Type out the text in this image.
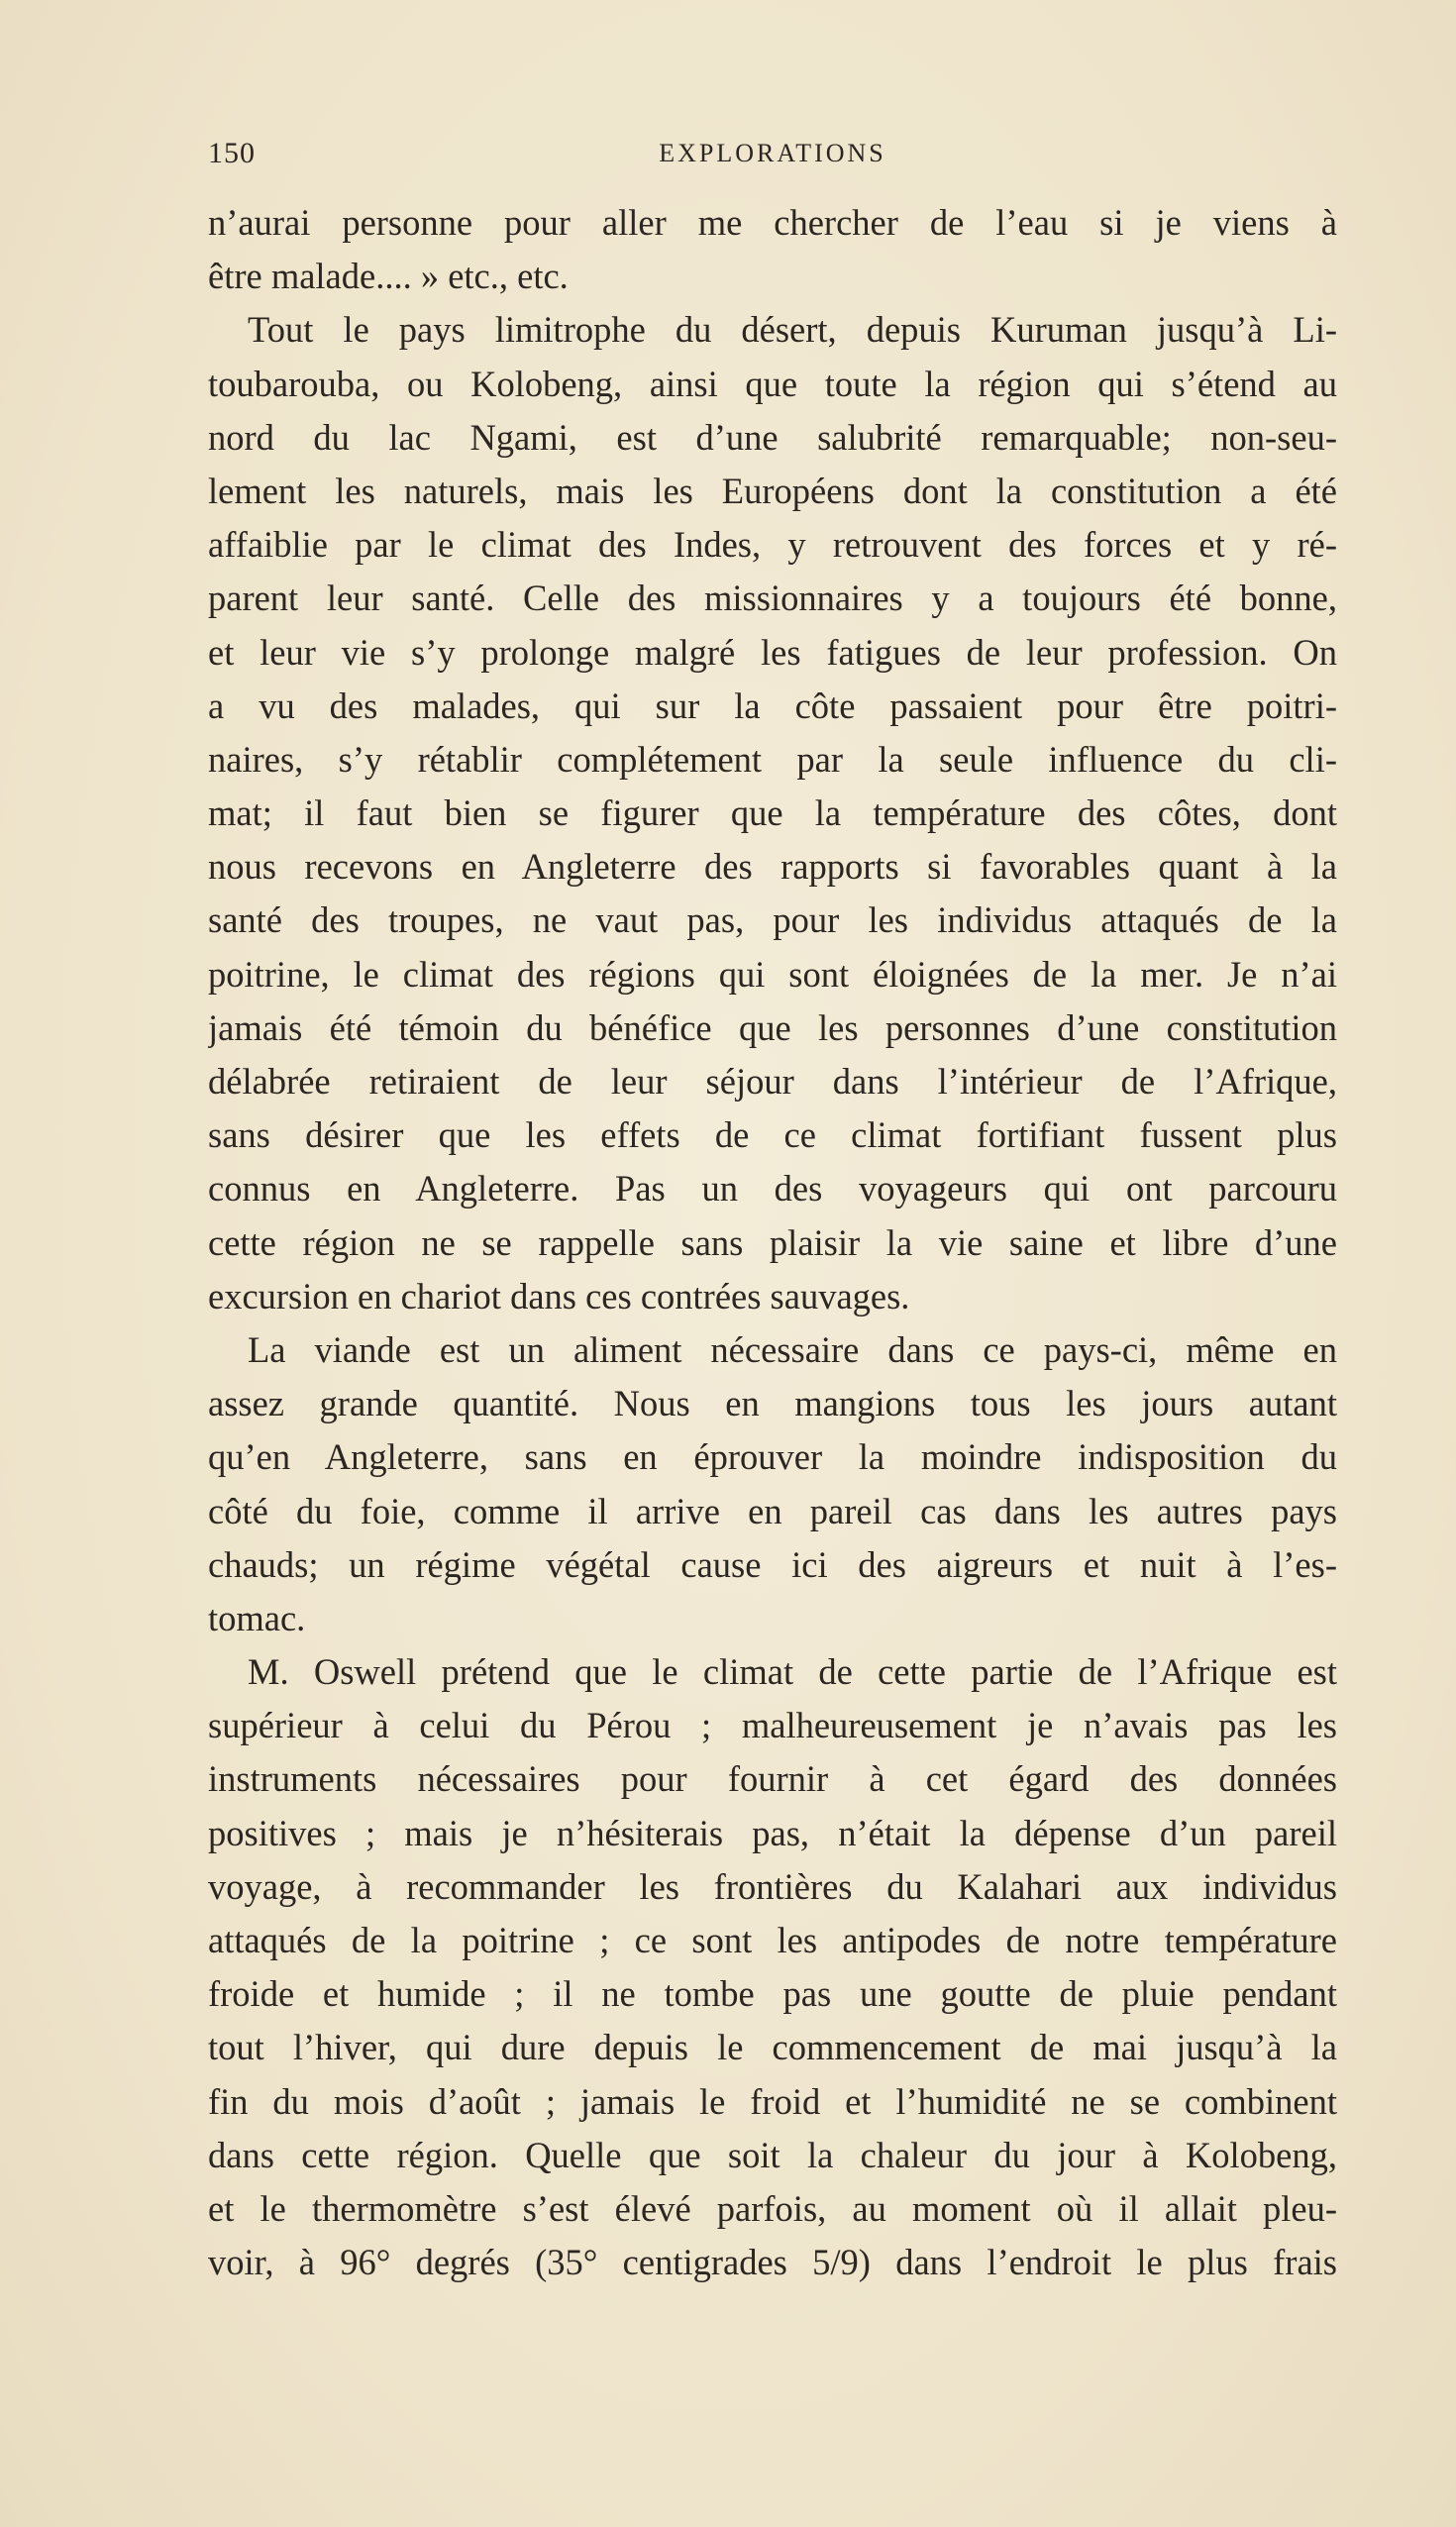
150	EXPLORATIONS
n’aurai personne pour aller me chercher de l’eau si je viens à
être malade.... » etc., etc.
Tout le pays limitrophe du désert, depuis Kuruman jusqu’à Li-
toubarouba, ou Kolobeng, ainsi que toute la région qui s’étend au
nord du lac Ngami, est d’une salubrité remarquable; non-seu-
lement les naturels, mais les Européens dont la constitution a été
affaiblie par le climat des Indes, y retrouvent des forces et y ré-
parent leur santé. Celle des missionnaires y a toujours été bonne,
et leur vie s’y prolonge malgré les fatigues de leur profession. On
a vu des malades, qui sur la côte passaient pour être poitri-
naires, s’y rétablir complétement par la seule influence du cli-
mat; il faut bien se figurer que la température des côtes, dont
nous recevons en Angleterre des rapports si favorables quant à la
santé des troupes, ne vaut pas, pour les individus attaqués de la
poitrine, le climat des régions qui sont éloignées de la mer. Je n’ai
jamais été témoin du bénéfice que les personnes d’une constitution
délabrée retiraient de leur séjour dans l’intérieur de l’Afrique,
sans désirer que les effets de ce climat fortifiant fussent plus
connus en Angleterre. Pas un des voyageurs qui ont parcouru
cette région ne se rappelle sans plaisir la vie saine et libre d’une
excursion en chariot dans ces contrées sauvages.
La viande est un aliment nécessaire dans ce pays-ci, même en
assez grande quantité. Nous en mangions tous les jours autant
qu’en Angleterre, sans en éprouver la moindre indisposition du
côté du foie, comme il arrive en pareil cas dans les autres pays
chauds; un régime végétal cause ici des aigreurs et nuit à l’es-
tomac.
M. Oswell prétend que le climat de cette partie de l’Afrique est
supérieur à celui du Pérou ; malheureusement je n’avais pas les
instruments nécessaires pour fournir à cet égard des données
positives ; mais je n’hésiterais pas, n’était la dépense d’un pareil
voyage, à recommander les frontières du Kalahari aux individus
attaqués de la poitrine ; ce sont les antipodes de notre température
froide et humide ; il ne tombe pas une goutte de pluie pendant
tout l’hiver, qui dure depuis le commencement de mai jusqu’à la
fin du mois d’août ; jamais le froid et l’humidité ne se combinent
dans cette région. Quelle que soit la chaleur du jour à Kolobeng,
et le thermomètre s’est élevé parfois, au moment où il allait pleu-
voir, à 96° degrés (35° centigrades 5/9) dans l’endroit le plus frais
